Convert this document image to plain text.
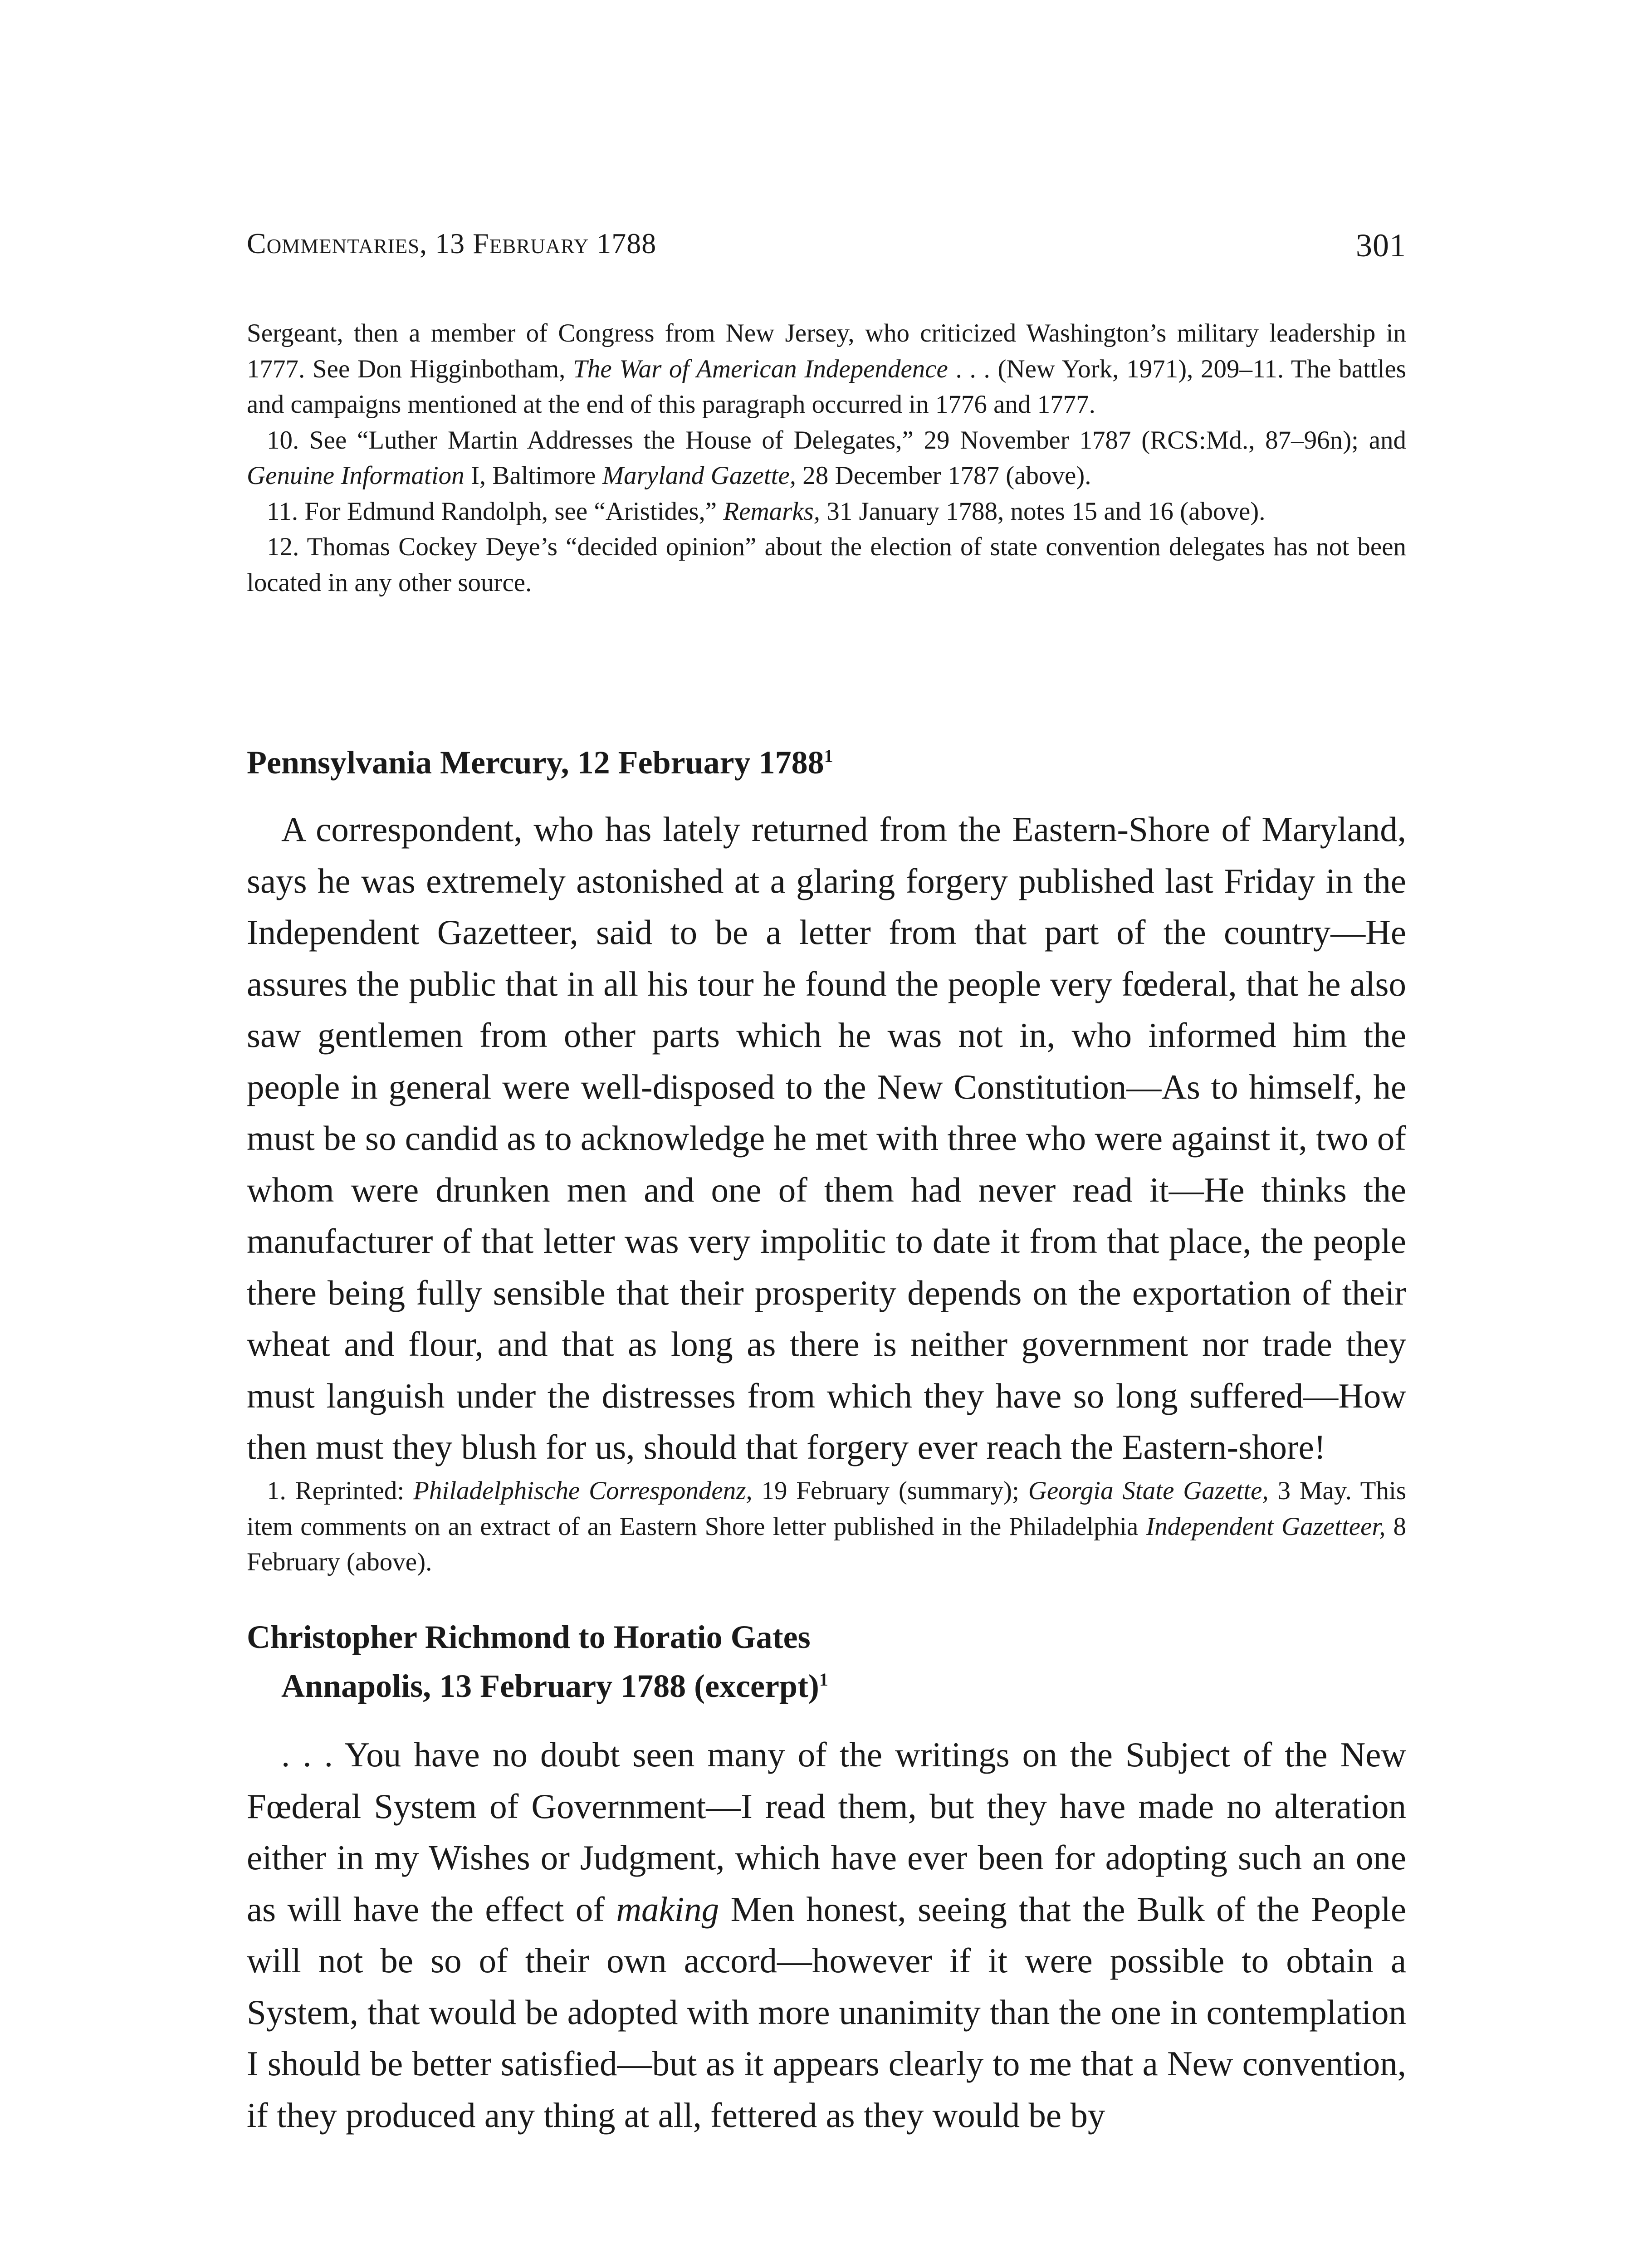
Commentaries, 13 February 1788	301

Sergeant, then a member of Congress from New Jersey, who criticized Washington’s military leadership in 1777. See Don Higginbotham, The War of American Independence . . . (New York, 1971), 209–11. The battles and campaigns mentioned at the end of this paragraph occurred in 1776 and 1777.

10. See “Luther Martin Addresses the House of Delegates,” 29 November 1787 (RCS:Md., 87–96n); and Genuine Information I, Baltimore Maryland Gazette, 28 December 1787 (above).

11. For Edmund Randolph, see “Aristides,” Remarks, 31 January 1788, notes 15 and 16 (above).

12. Thomas Cockey Deye’s “decided opinion” about the election of state convention delegates has not been located in any other source.

Pennsylvania Mercury, 12 February 1788$^1$

A correspondent, who has lately returned from the Eastern-Shore of Maryland, says he was extremely astonished at a glaring forgery published last Friday in the Independent Gazetteer, said to be a letter from that part of the country—He assures the public that in all his tour he found the people very fœderal, that he also saw gentlemen from other parts which he was not in, who informed him the people in general were well-disposed to the New Constitution—As to himself, he must be so candid as to acknowledge he met with three who were against it, two of whom were drunken men and one of them had never read it—He thinks the manufacturer of that letter was very impolitic to date it from that place, the people there being fully sensible that their prosperity depends on the exportation of their wheat and flour, and that as long as there is neither government nor trade they must languish under the distresses from which they have so long suffered—How then must they blush for us, should that forgery ever reach the Eastern-shore!

1. Reprinted: Philadelphische Correspondenz, 19 February (summary); Georgia State Gazette, 3 May. This item comments on an extract of an Eastern Shore letter published in the Philadelphia Independent Gazetteer, 8 February (above).

Christopher Richmond to Horatio Gates
Annapolis, 13 February 1788 (excerpt)$^1$

. . . You have no doubt seen many of the writings on the Subject of the New Fœderal System of Government—I read them, but they have made no alteration either in my Wishes or Judgment, which have ever been for adopting such an one as will have the effect of making Men honest, seeing that the Bulk of the People will not be so of their own accord—however if it were possible to obtain a System, that would be adopted with more unanimity than the one in contemplation I should be better satisfied—but as it appears clearly to me that a New convention, if they produced any thing at all, fettered as they would be by
